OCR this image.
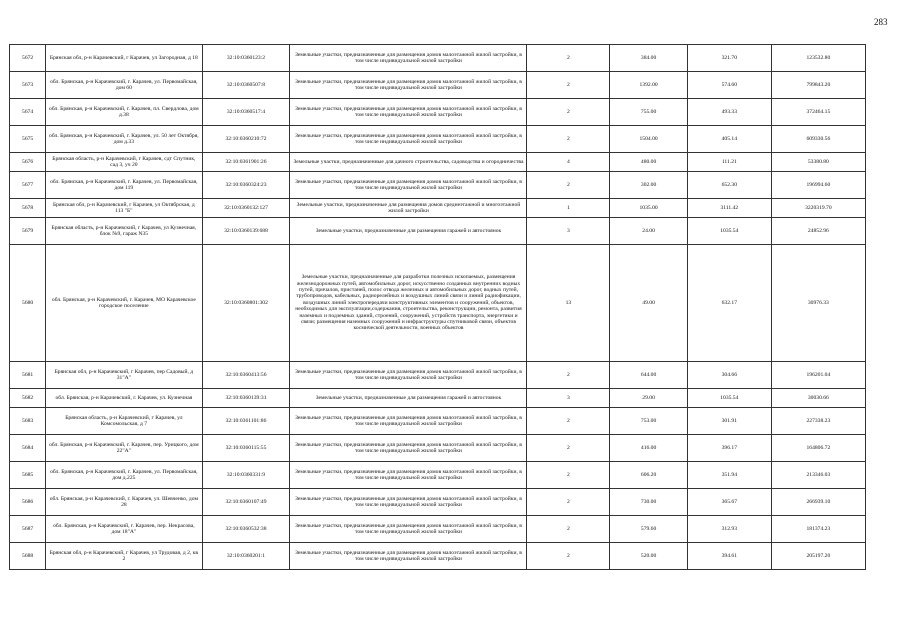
283
5672	Брянская обл, р-н Карачевский, г Карачев, ул Загородная, д 18	32:10:0360123:2	Земельные участки, предназначенные для размещения домов малоэтажной жилой застройки, в том числе индивидуальной жилой застройки	2	384.00	321.70	123532.80
5673	обл. Брянская, р-н Карачевский, г. Карачев, ул. Первомайская, дом 60	32:10:0360507:8	Земельные участки, предназначенные для размещения домов малоэтажной жилой застройки, в том числе индивидуальной жилой застройки	2	1392.00	574.60	799843.20
5674	обл. Брянская, р-н Карачевский, г. Карачев, пл. Свердлова, дом д.38	32:10:0360517:4	Земельные участки, предназначенные для размещения домов малоэтажной жилой застройки, в том числе индивидуальной жилой застройки	2	755.00	493.33	372464.15
5675	обл. Брянская, р-н Карачевский, г. Карачев, ул. 50 лет Октября, дом д.33	32:10:0360210:72	Земельные участки, предназначенные для размещения домов малоэтажной жилой застройки, в том числе индивидуальной жилой застройки	2	1504.00	405.14	609330.56
5676	Брянская область, р-н Карачевский, г Карачев, сдт Спутник, сад 3, уч 20	32:10:0361901:26	Земельные участки, предназначенные для дачного строительства, садоводства и огородничества	4	480.00	111.21	53380.80
5677	обл. Брянская, р-н Карачевский, г. Карачев, ул. Первомайская, дом 119	32:10:0360324:23	Земельные участки, предназначенные для размещения домов малоэтажной жилой застройки, в том числе индивидуальной жилой застройки	2	302.00	652.30	196994.60
5678	Брянская обл, р-н Карачевский, г Карачев, ул Октябрская, д 113 "Б"	32:10:0360132:127	Земельные участки, предназначенные для размещения домов среднеэтажной и многоэтажной жилой застройки	1	1035.00	3111.42	3220319.70
5679	Брянская область, р-н Карачевский, г Карачев, ул Кузнечная, блок №9, гараж N35	32:10:0360139:688	Земельные участки, предназначенные для размещения гаражей и автостоянок	3	24.00	1035.54	24852.96
5680	обл. Брянская, р-н Карачевский, г. Карачев, МО Карачевское городское поселение	32:10:0360801:302	Земельные участки, предназначенные для разработки полезных ископаемых, размещения железнодорожных путей, автомобильных дорог, искусственно созданных внутренних водных путей, причалов, пристаней, полос отвода железных и автомобильных дорог, водных путей, трубопроводов, кабельных, радиорелейных и воздушных линий связи и линий радиофикации, воздушных линий электропередачи конструктивных элементов и сооружений, объектов, необходимых для эксплуатации,содержания, строительства, реконструкции, ремонта, развития наземных и подземных зданий, строений, сооружений, устройств транспорта, энергетики и связи; размещения наземных сооружений и инфраструктуры спутниковой связи, объектов космической деятельности, военных объектов	13	49.00	632.17	30976.33
5681	Брянская обл, р-н Карачевский, г Карачев, пер Садовый, д 31"А"	32:10:0360413:56	Земельные участки, предназначенные для размещения домов малоэтажной жилой застройки, в том числе индивидуальной жилой застройки	2	644.00	304.66	196201.04
5682	обл. Брянская, р-н Карачевский, г. Карачев, ул. Кузнечная	32:10:0360139:31	Земельные участки, предназначенные для размещения гаражей и автостоянок	3	29.00	1035.54	30030.66
5683	Брянская область, р-н Карачевский, г Карачев, ул Комсомольская, д 7	32:10:0361101:86	Земельные участки, предназначенные для размещения домов малоэтажной жилой застройки, в том числе индивидуальной жилой застройки	2	753.00	301.91	227338.23
5684	обл. Брянская, р-н Карачевский, г. Карачев, пер. Урицкого, дом 22"А"	32:10:0360115:55	Земельные участки, предназначенные для размещения домов малоэтажной жилой застройки, в том числе индивидуальной жилой застройки	2	416.00	396.17	164806.72
5685	обл. Брянская, р-н Карачевский, г. Карачев, ул. Первомайская, дом д.225	32:10:0360331:9	Земельные участки, предназначенные для размещения домов малоэтажной жилой застройки, в том числе индивидуальной жилой застройки	2	606.20	351.94	213346.03
5686	обл. Брянская, р-н Карачевский, г. Карачев, ул. Шевченко, дом 28	32:10:0360107:49	Земельные участки, предназначенные для размещения домов малоэтажной жилой застройки, в том числе индивидуальной жилой застройки	2	730.00	365.67	266939.10
5687	обл. Брянская, р-н Карачевский, г. Карачев, пер. Некрасова, дом 18"А"	32:10:0360532:38	Земельные участки, предназначенные для размещения домов малоэтажной жилой застройки, в том числе индивидуальной жилой застройки	2	579.60	312.93	181374.23
5688	Брянская обл, р-н Карачевский, г Карачев, ул Трудовая, д 2, кв 2	32:10:0360201:1	Земельные участки, предназначенные для размещения домов малоэтажной жилой застройки, в том числе индивидуальной жилой застройки	2	520.00	394.61	205197.20
